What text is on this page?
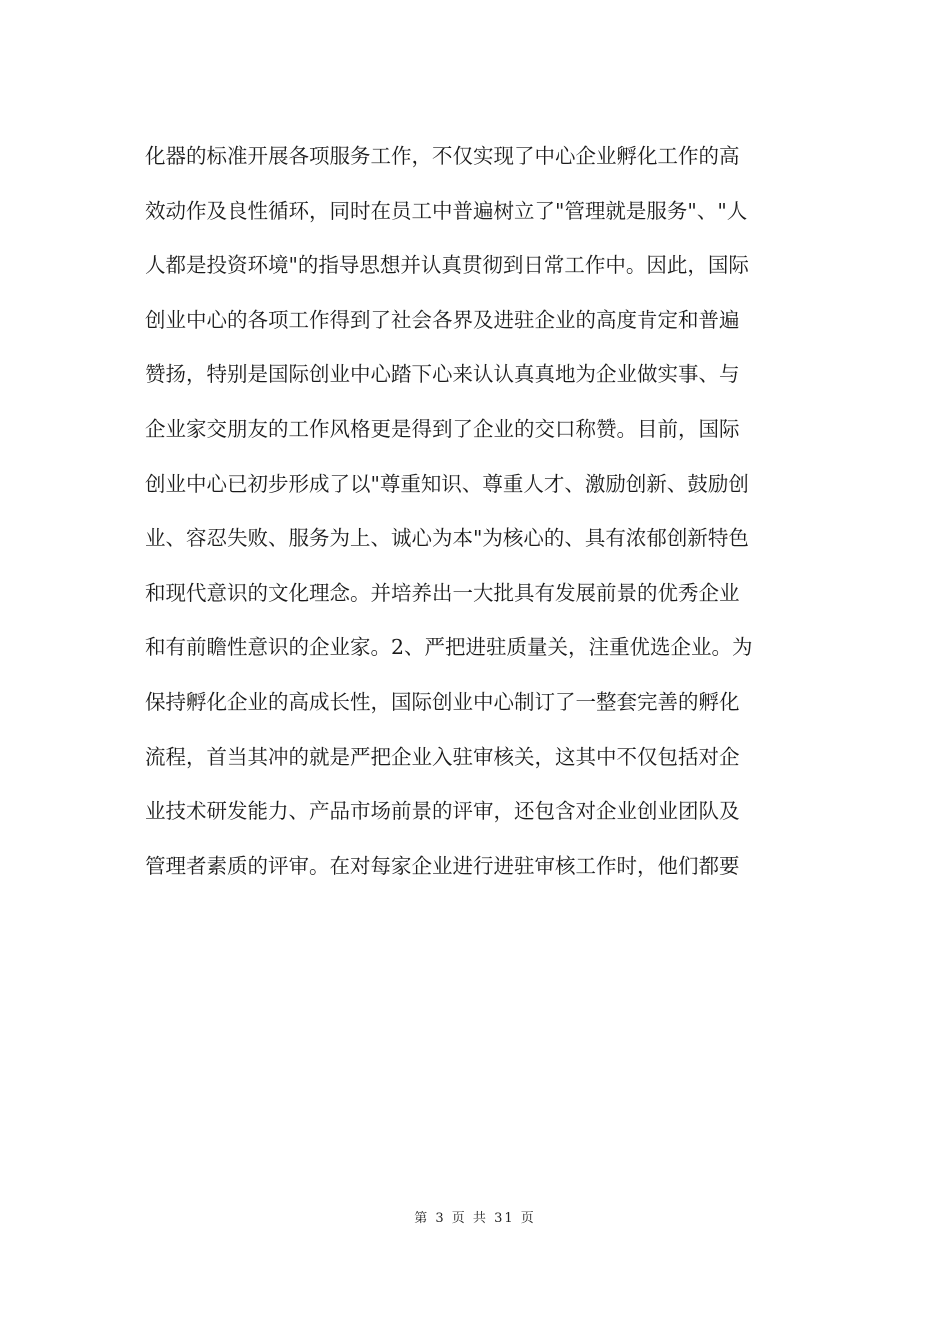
化器的标准开展各项服务工作，不仅实现了中心企业孵化工作的高
效动作及良性循环，同时在员工中普遍树立了"管理就是服务"、"人
人都是投资环境"的指导思想并认真贯彻到日常工作中。因此，国际
创业中心的各项工作得到了社会各界及进驻企业的高度肯定和普遍
赞扬，特别是国际创业中心踏下心来认认真真地为企业做实事、与
企业家交朋友的工作风格更是得到了企业的交口称赞。目前，国际
创业中心已初步形成了以"尊重知识、尊重人才、激励创新、鼓励创
业、容忍失败、服务为上、诚心为本"为核心的、具有浓郁创新特色
和现代意识的文化理念。并培养出一大批具有发展前景的优秀企业
和有前瞻性意识的企业家。2、严把进驻质量关，注重优选企业。为
保持孵化企业的高成长性，国际创业中心制订了一整套完善的孵化
流程，首当其冲的就是严把企业入驻审核关，这其中不仅包括对企
业技术研发能力、产品市场前景的评审，还包含对企业创业团队及
管理者素质的评审。在对每家企业进行进驻审核工作时，他们都要
第 3 页 共 31 页
